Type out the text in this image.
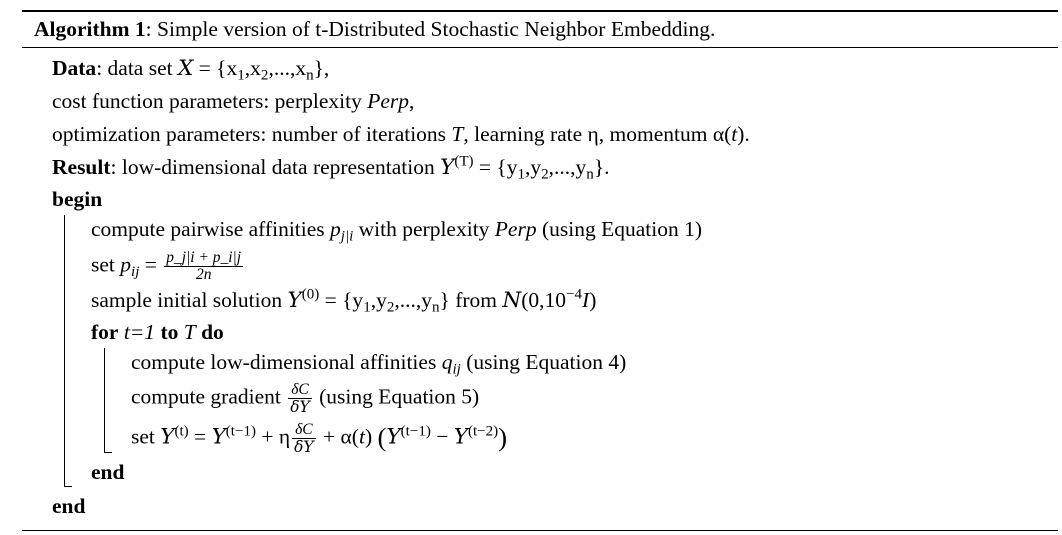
Algorithm 1: Simple version of t-Distributed Stochastic Neighbor Embedding.
Data: data set $X = \{x_1,x_2,...,x_n\}$,
cost function parameters: perplexity Perp,
optimization parameters: number of iterations T, learning rate η, momentum α(t).
Result: low-dimensional data representation $Y^{(T)} = \{y_1,y_2,...,y_n\}$.
begin
compute pairwise affinities $p_{j|i}$ with perplexity Perp (using Equation 1)
set $p_{ij} = \frac{p\_j|i + p\_i|j}{2n}$
sample initial solution $Y^{(0)} = \{y_1,y_2,...,y_n\}$ from $N(0,10^{-4}I)$
for t=1 to T do
compute low-dimensional affinities $q_{ij}$ (using Equation 4)
compute gradient $\frac{\delta C}{\delta Y} (using$ Equation 5)
set $Y^{(t)} = Y^{(t-1)} + \eta \frac{\delta C}{\delta Y} + \alpha(t) (Y^{(t-1)} - Y^{(t-2)})$
end
end
